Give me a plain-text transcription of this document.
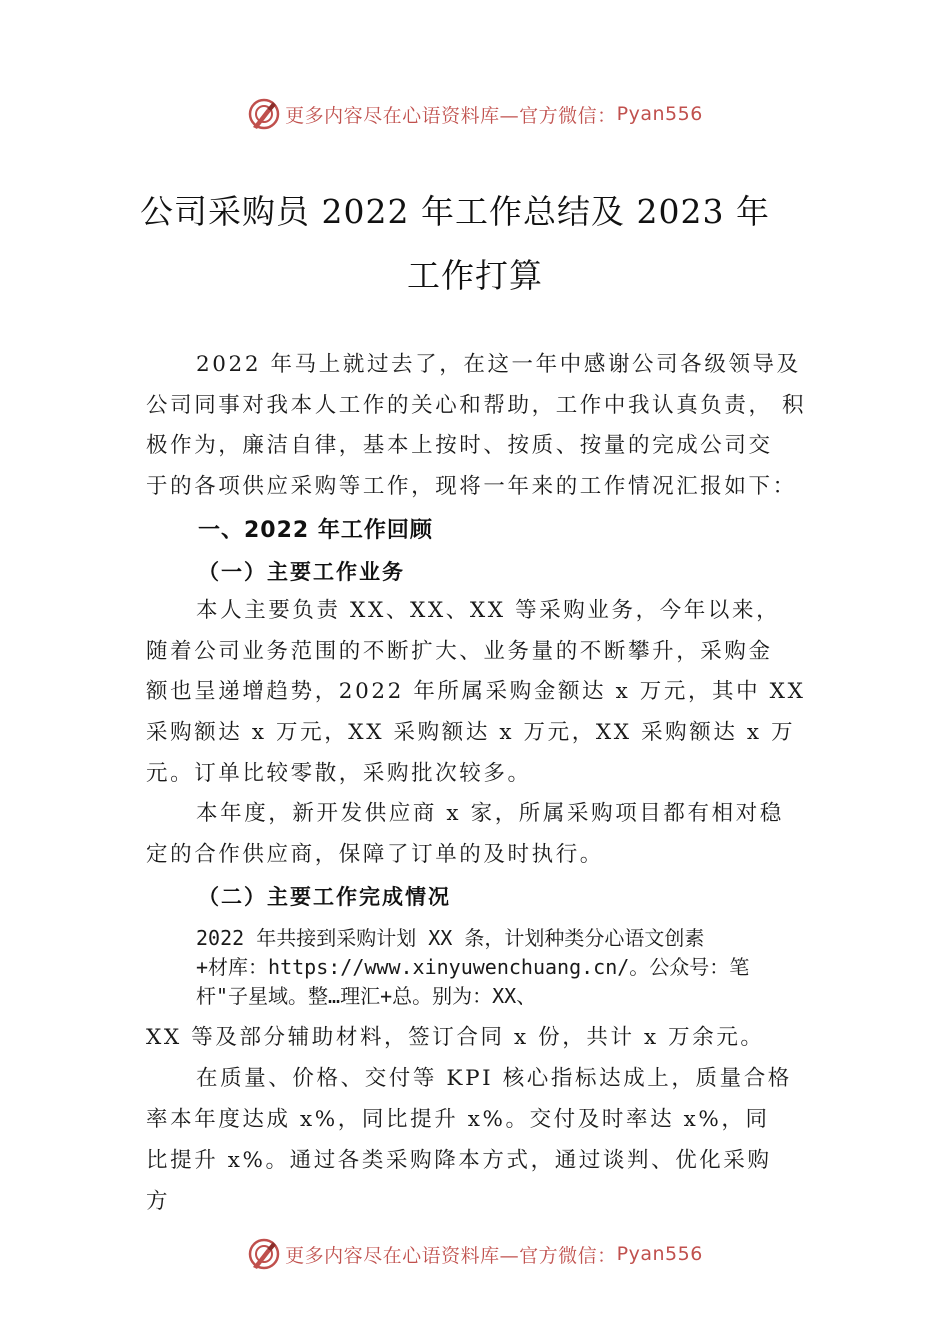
更多内容尽在心语资料库—官方微信： Pyan556
公司采购员 2022 年工作总结及 2023 年
工作打算
2022 年马上就过去了，在这一年中感谢公司各级领导及
公司同事对我本人工作的关心和帮助，工作中我认真负责， 积
极作为，廉洁自律，基本上按时、按质、按量的完成公司交
于的各项供应采购等工作，现将一年来的工作情况汇报如下：
一、2022 年工作回顾
（一）主要工作业务
本人主要负责 XX、XX、XX 等采购业务，今年以来，
随着公司业务范围的不断扩大、业务量的不断攀升，采购金
额也呈递增趋势，2022 年所属采购金额达 x 万元，其中 XX
采购额达 x 万元，XX 采购额达 x 万元，XX 采购额达 x 万
元。订单比较零散，采购批次较多。
本年度，新开发供应商 x 家，所属采购项目都有相对稳
定的合作供应商，保障了订单的及时执行。
（二）主要工作完成情况
2022 年共接到采购计划 XX 条，计划种类分心语文创素
+材库：https://www.xinyuwenchuang.cn/。公众号：笔
杆"子星域。整…理汇+总。别为：XX、
XX 等及部分辅助材料，签订合同 x 份，共计 x 万余元。
在质量、价格、交付等 KPI 核心指标达成上，质量合格
率本年度达成 x%，同比提升 x%。交付及时率达 x%，同
比提升 x%。通过各类采购降本方式，通过谈判、优化采购
方
更多内容尽在心语资料库—官方微信： Pyan556
